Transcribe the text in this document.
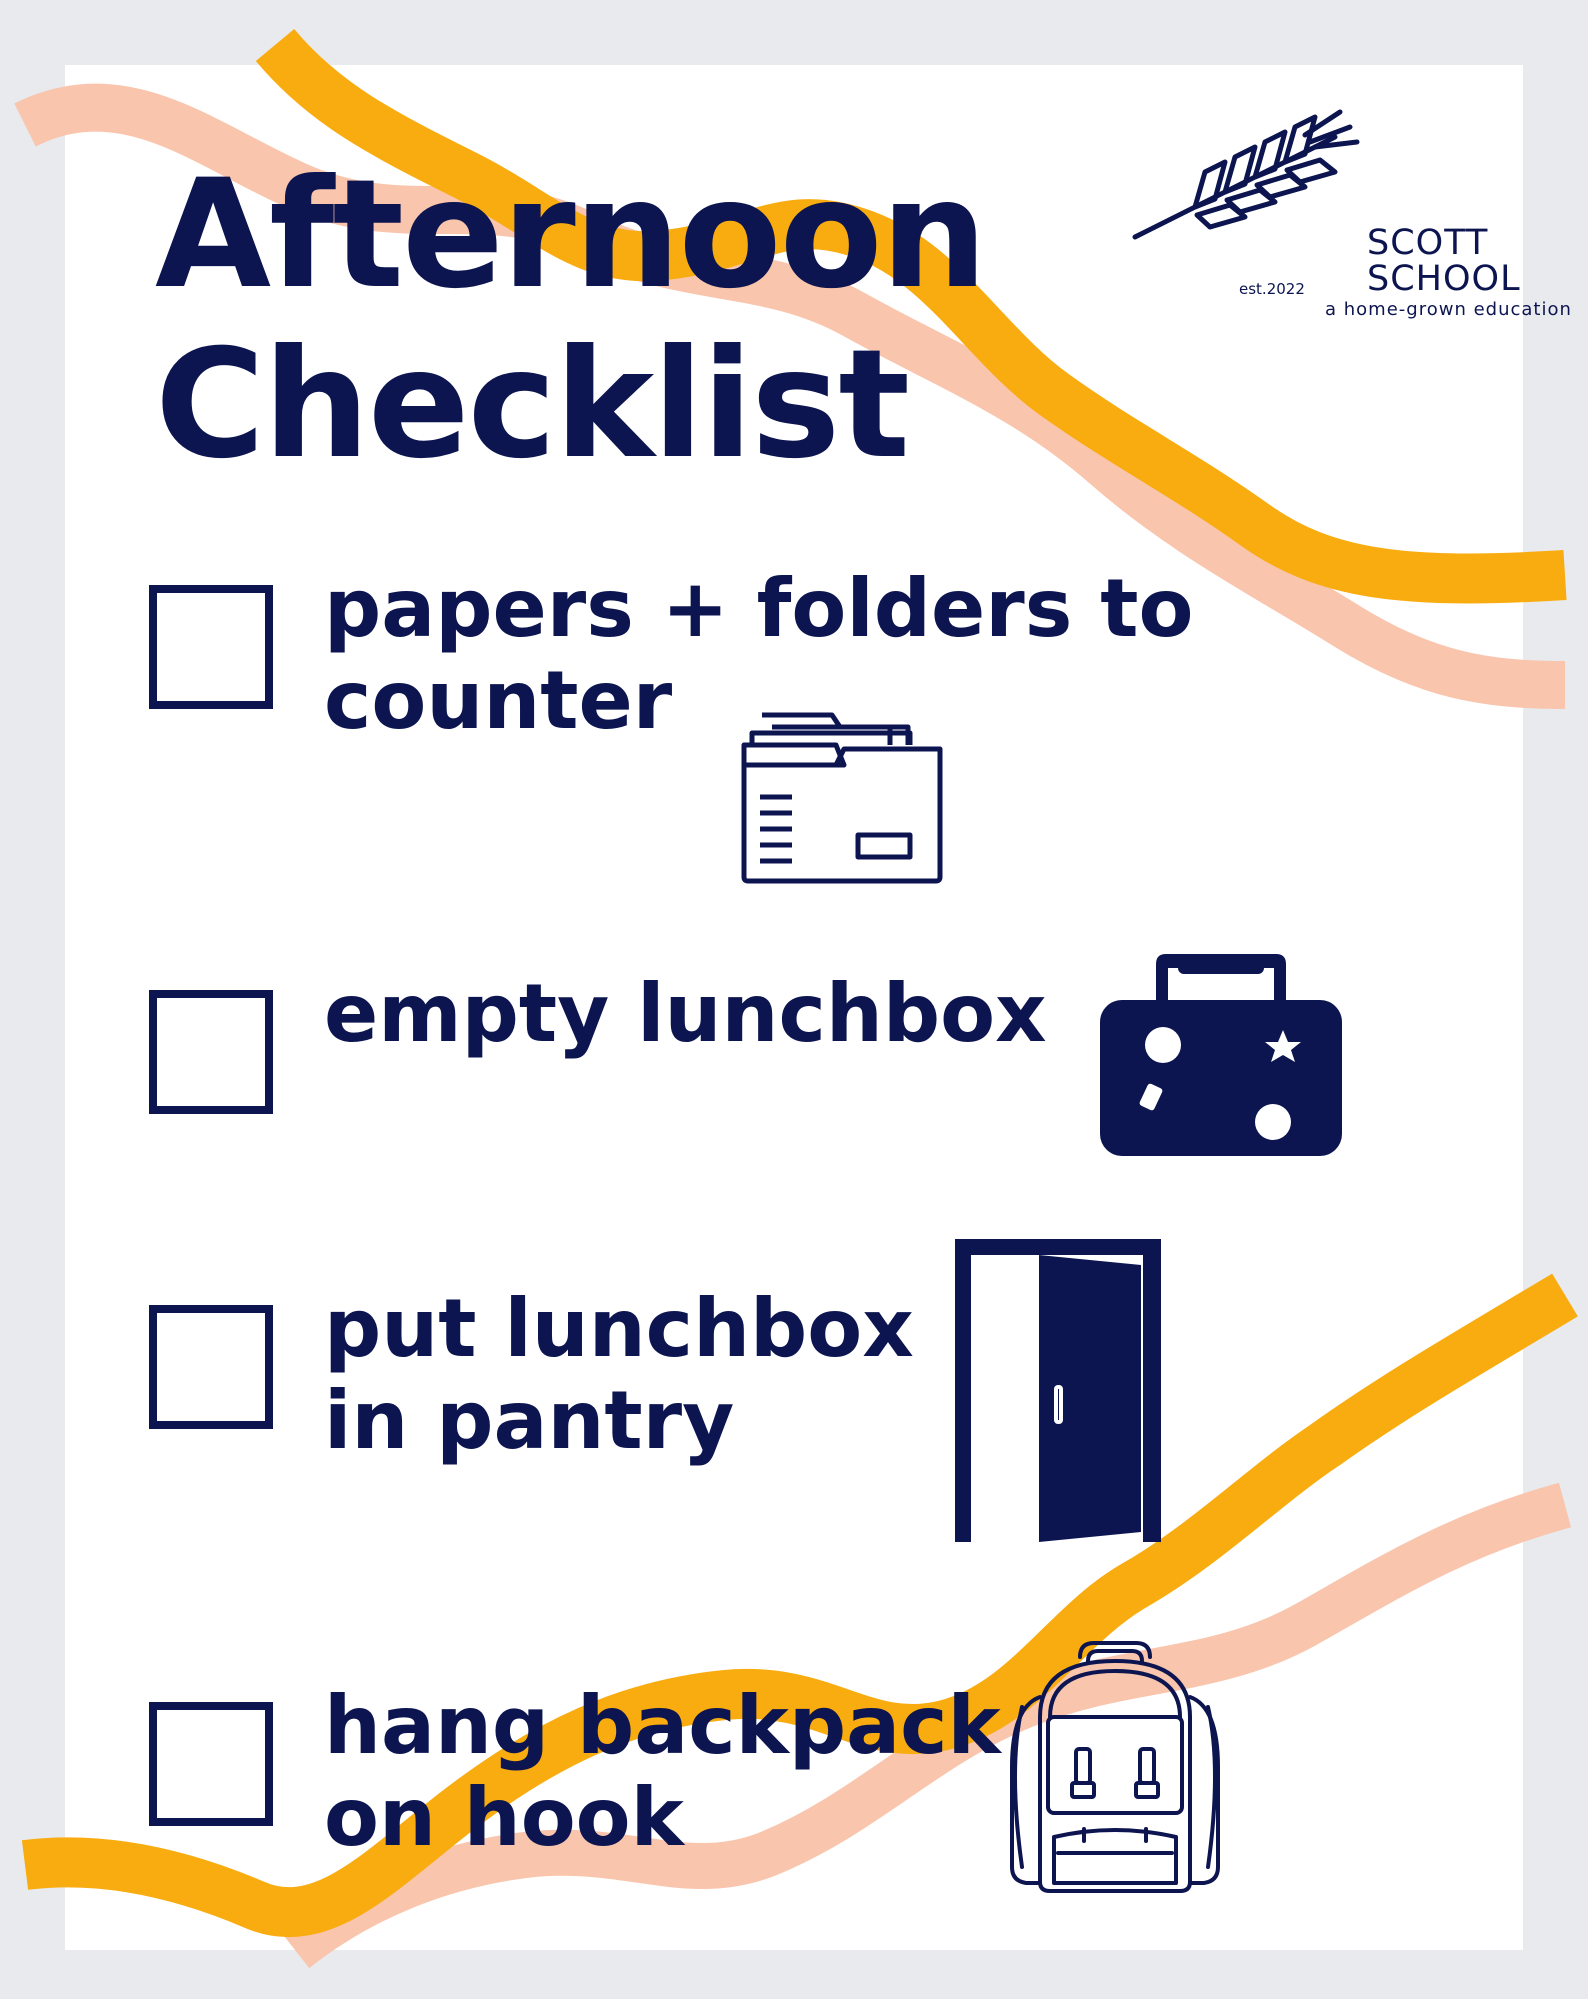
Afternoon
Checklist
SCOTT
SCHOOL
est.2022
a home-grown education

papers + folders to
counter

empty lunchbox

put lunchbox
in pantry

hang backpack
on hook
